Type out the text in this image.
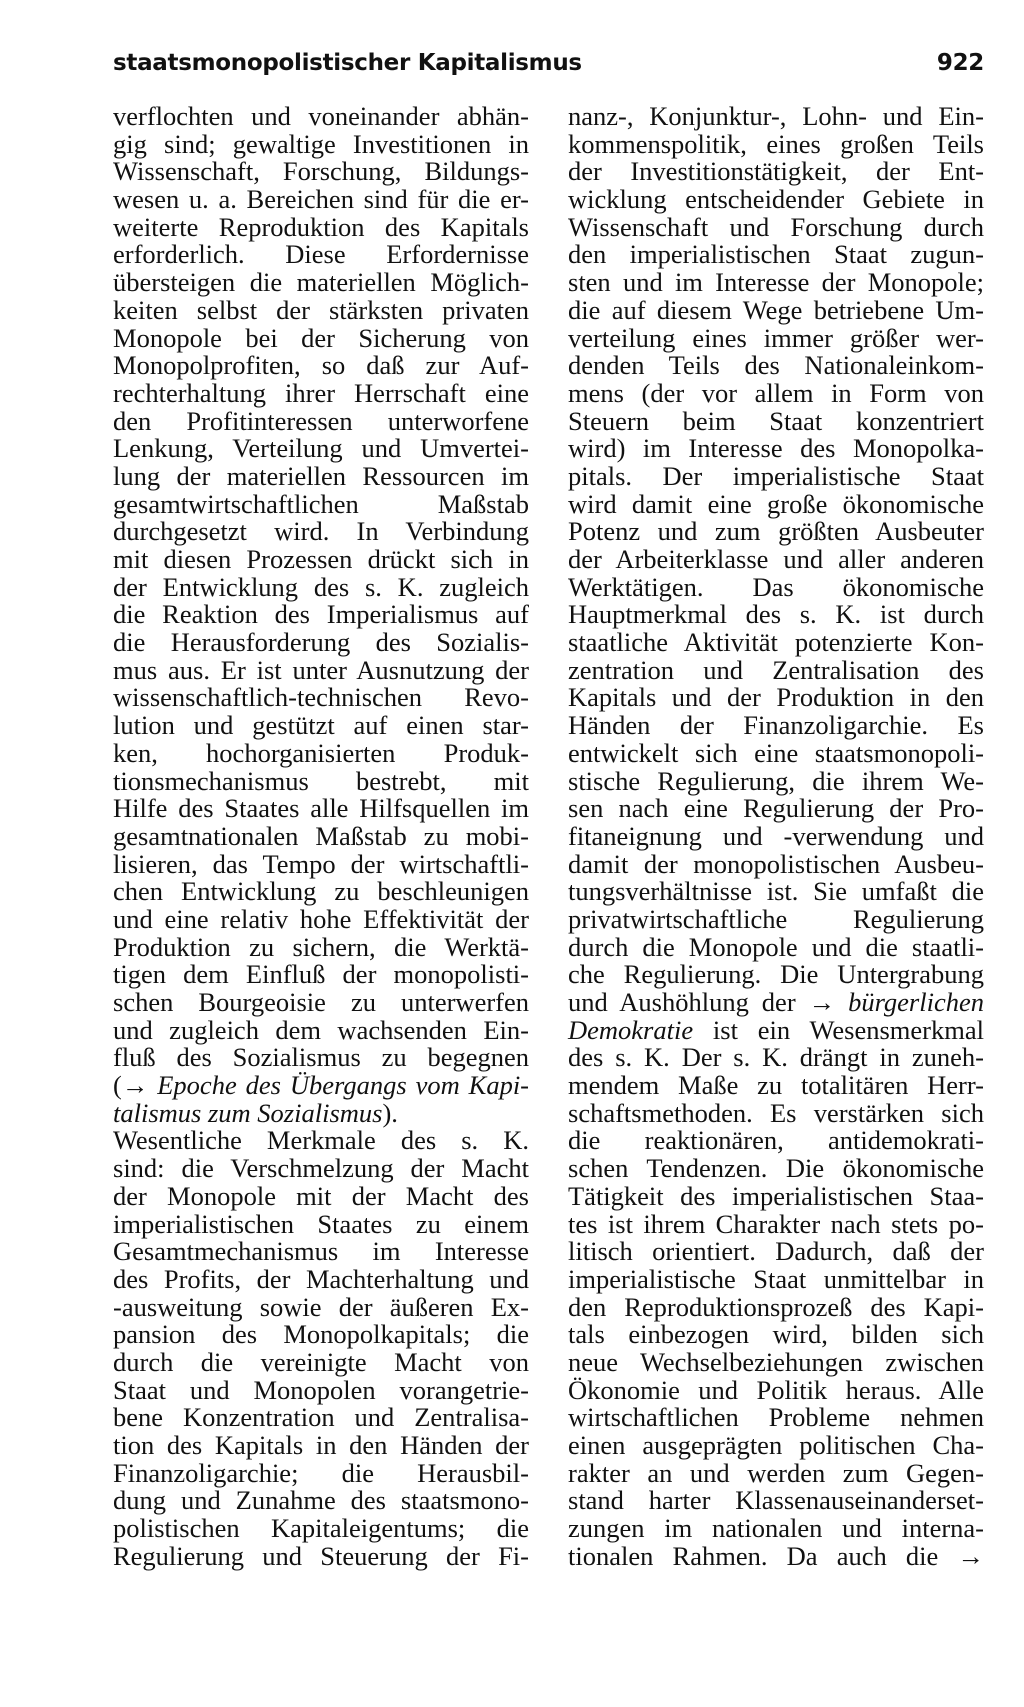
staatsmonopolistischer Kapitalismus	922
verflochten und voneinander abhän-
gig sind; gewaltige Investitionen in
Wissenschaft, Forschung, Bildungs-
wesen u. a. Bereichen sind für die er-
weiterte Reproduktion des Kapitals
erforderlich. Diese Erfordernisse
übersteigen die materiellen Möglich-
keiten selbst der stärksten privaten
Monopole bei der Sicherung von
Monopolprofiten, so daß zur Auf-
rechterhaltung ihrer Herrschaft eine
den Profitinteressen unterworfene
Lenkung, Verteilung und Umvertei-
lung der materiellen Ressourcen im
gesamtwirtschaftlichen Maßstab
durchgesetzt wird. In Verbindung
mit diesen Prozessen drückt sich in
der Entwicklung des s. K. zugleich
die Reaktion des Imperialismus auf
die Herausforderung des Sozialis-
mus aus. Er ist unter Ausnutzung der
wissenschaftlich-technischen Revo-
lution und gestützt auf einen star-
ken, hochorganisierten Produk-
tionsmechanismus bestrebt, mit
Hilfe des Staates alle Hilfsquellen im
gesamtnationalen Maßstab zu mobi-
lisieren, das Tempo der wirtschaftli-
chen Entwicklung zu beschleunigen
und eine relativ hohe Effektivität der
Produktion zu sichern, die Werktä-
tigen dem Einfluß der monopolisti-
schen Bourgeoisie zu unterwerfen
und zugleich dem wachsenden Ein-
fluß des Sozialismus zu begegnen
(→ Epoche des Übergangs vom Kapi-
talismus zum Sozialismus).
Wesentliche Merkmale des s. K.
sind: die Verschmelzung der Macht
der Monopole mit der Macht des
imperialistischen Staates zu einem
Gesamtmechanismus im Interesse
des Profits, der Machterhaltung und
-ausweitung sowie der äußeren Ex-
pansion des Monopolkapitals; die
durch die vereinigte Macht von
Staat und Monopolen vorangetrie-
bene Konzentration und Zentralisa-
tion des Kapitals in den Händen der
Finanzoligarchie; die Herausbil-
dung und Zunahme des staatsmono-
polistischen Kapitaleigentums; die
Regulierung und Steuerung der Fi-
nanz-, Konjunktur-, Lohn- und Ein-
kommenspolitik, eines großen Teils
der Investitionstätigkeit, der Ent-
wicklung entscheidender Gebiete in
Wissenschaft und Forschung durch
den imperialistischen Staat zugun-
sten und im Interesse der Monopole;
die auf diesem Wege betriebene Um-
verteilung eines immer größer wer-
denden Teils des Nationaleinkom-
mens (der vor allem in Form von
Steuern beim Staat konzentriert
wird) im Interesse des Monopolka-
pitals. Der imperialistische Staat
wird damit eine große ökonomische
Potenz und zum größten Ausbeuter
der Arbeiterklasse und aller anderen
Werktätigen. Das ökonomische
Hauptmerkmal des s. K. ist durch
staatliche Aktivität potenzierte Kon-
zentration und Zentralisation des
Kapitals und der Produktion in den
Händen der Finanzoligarchie. Es
entwickelt sich eine staatsmonopoli-
stische Regulierung, die ihrem We-
sen nach eine Regulierung der Pro-
fitaneignung und -verwendung und
damit der monopolistischen Ausbeu-
tungsverhältnisse ist. Sie umfaßt die
privatwirtschaftliche Regulierung
durch die Monopole und die staatli-
che Regulierung. Die Untergrabung
und Aushöhlung der → bürgerlichen
Demokratie ist ein Wesensmerkmal
des s. K. Der s. K. drängt in zuneh-
mendem Maße zu totalitären Herr-
schaftsmethoden. Es verstärken sich
die reaktionären, antidemokrati-
schen Tendenzen. Die ökonomische
Tätigkeit des imperialistischen Staa-
tes ist ihrem Charakter nach stets po-
litisch orientiert. Dadurch, daß der
imperialistische Staat unmittelbar in
den Reproduktionsprozeß des Kapi-
tals einbezogen wird, bilden sich
neue Wechselbeziehungen zwischen
Ökonomie und Politik heraus. Alle
wirtschaftlichen Probleme nehmen
einen ausgeprägten politischen Cha-
rakter an und werden zum Gegen-
stand harter Klassenauseinanderset-
zungen im nationalen und interna-
tionalen Rahmen. Da auch die →
